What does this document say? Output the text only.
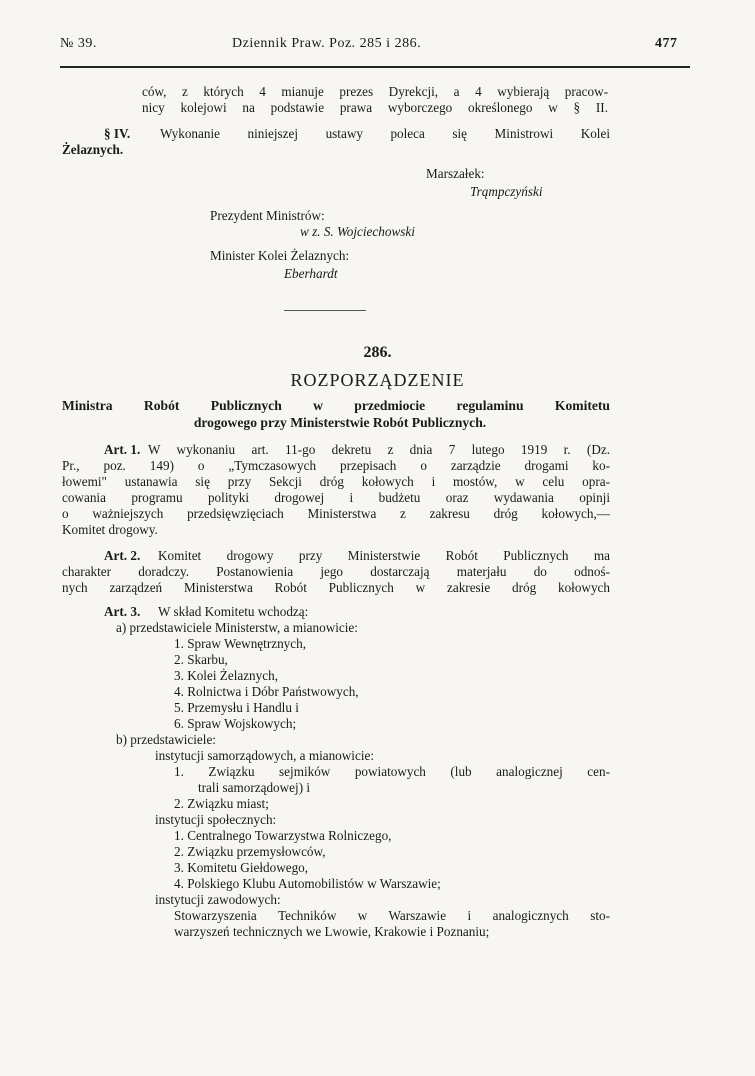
№ 39.	Dziennik Praw. Poz. 285 i 286.	477
ców, z których 4 mianuje prezes Dyrekcji, a 4 wybierają pracow-
nicy kolejowi na podstawie prawa wyborczego określonego w § II.
§ IV. Wykonanie niniejszej ustawy poleca się Ministrowi Kolei
Żelaznych.
Marszałek:
Trąmpczyński
Prezydent Ministrów:
w z. S. Wojciechowski
Minister Kolei Żelaznych:
Eberhardt
286.
ROZPORZĄDZENIE
Ministra Robót Publicznych w przedmiocie regulaminu Komitetu
drogowego przy Ministerstwie Robót Publicznych.
Art. 1. W wykonaniu art. 11-go dekretu z dnia 7 lutego 1919 r. (Dz.
Pr., poz. 149) o „Tymczasowych przepisach o zarządzie drogami ko-
łowemi" ustanawia się przy Sekcji dróg kołowych i mostów, w celu opra-
cowania programu polityki drogowej i budżetu oraz wydawania opinji
o ważniejszych przedsięwzięciach Ministerstwa z zakresu dróg kołowych,—
Komitet drogowy.
Art. 2. Komitet drogowy przy Ministerstwie Robót Publicznych ma
charakter doradczy. Postanowienia jego dostarczają materjału do odnoś-
nych zarządzeń Ministerstwa Robót Publicznych w zakresie dróg kołowych
Art. 3. W skład Komitetu wchodzą:
a) przedstawiciele Ministerstw, a mianowicie:
1. Spraw Wewnętrznych,
2. Skarbu,
3. Kolei Żelaznych,
4. Rolnictwa i Dóbr Państwowych,
5. Przemysłu i Handlu i
6. Spraw Wojskowych;
b) przedstawiciele:
instytucji samorządowych, a mianowicie:
1. Związku sejmików powiatowych (lub analogicznej cen-
trali samorządowej) i
2. Związku miast;
instytucji społecznych:
1. Centralnego Towarzystwa Rolniczego,
2. Związku przemysłowców,
3. Komitetu Giełdowego,
4. Polskiego Klubu Automobilistów w Warszawie;
instytucji zawodowych:
Stowarzyszenia Techników w Warszawie i analogicznych sto-
warzyszeń technicznych we Lwowie, Krakowie i Poznaniu;
